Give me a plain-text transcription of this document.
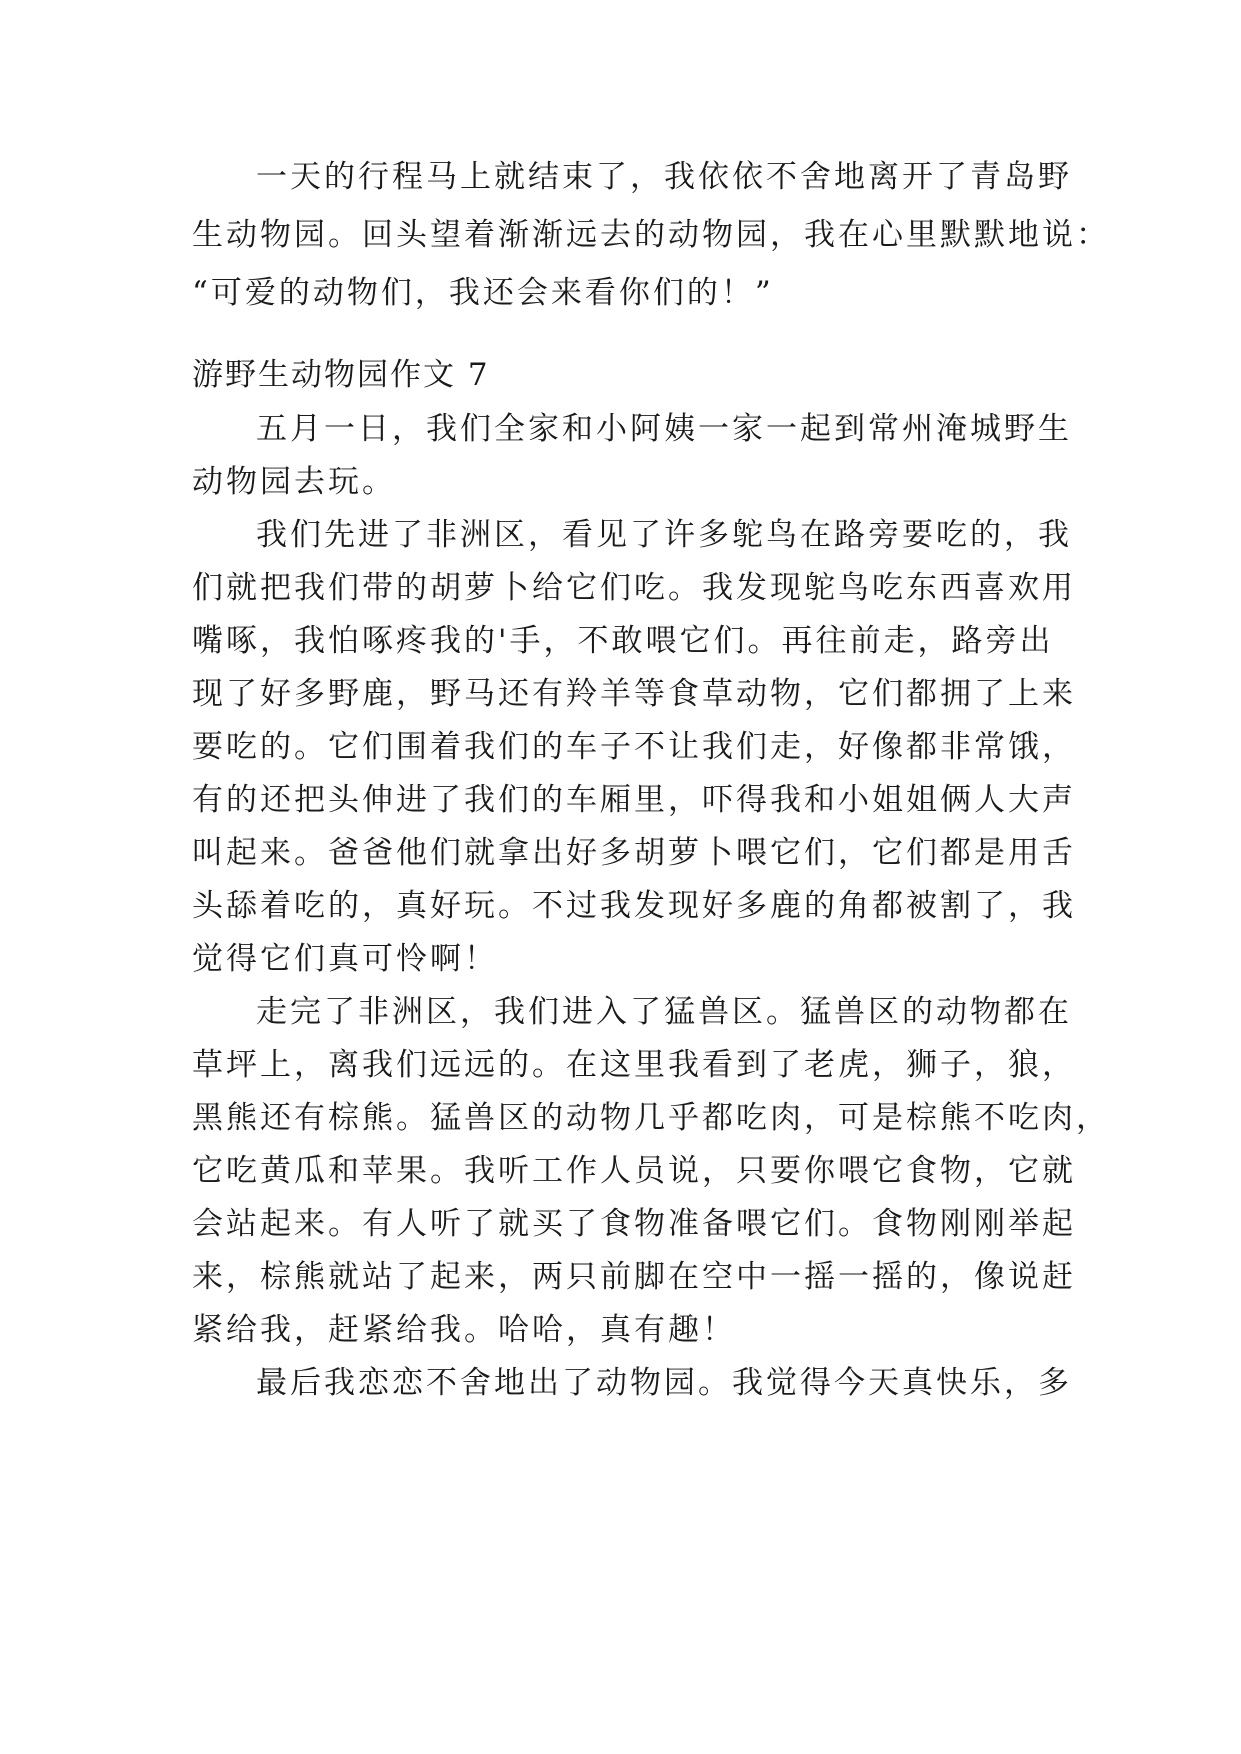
一天的行程马上就结束了，我依依不舍地离开了青岛野
生动物园。回头望着渐渐远去的动物园，我在心里默默地说：
“可爱的动物们，我还会来看你们的！”
游野生动物园作文 7
五月一日，我们全家和小阿姨一家一起到常州淹城野生
动物园去玩。
我们先进了非洲区，看见了许多鸵鸟在路旁要吃的，我
们就把我们带的胡萝卜给它们吃。我发现鸵鸟吃东西喜欢用
嘴啄，我怕啄疼我的'手，不敢喂它们。再往前走，路旁出
现了好多野鹿，野马还有羚羊等食草动物，它们都拥了上来
要吃的。它们围着我们的车子不让我们走，好像都非常饿，
有的还把头伸进了我们的车厢里，吓得我和小姐姐俩人大声
叫起来。爸爸他们就拿出好多胡萝卜喂它们，它们都是用舌
头舔着吃的，真好玩。不过我发现好多鹿的角都被割了，我
觉得它们真可怜啊！
走完了非洲区，我们进入了猛兽区。猛兽区的动物都在
草坪上，离我们远远的。在这里我看到了老虎，狮子，狼，
黑熊还有棕熊。猛兽区的动物几乎都吃肉，可是棕熊不吃肉，
它吃黄瓜和苹果。我听工作人员说，只要你喂它食物，它就
会站起来。有人听了就买了食物准备喂它们。食物刚刚举起
来，棕熊就站了起来，两只前脚在空中一摇一摇的，像说赶
紧给我，赶紧给我。哈哈，真有趣！
最后我恋恋不舍地出了动物园。我觉得今天真快乐，多
